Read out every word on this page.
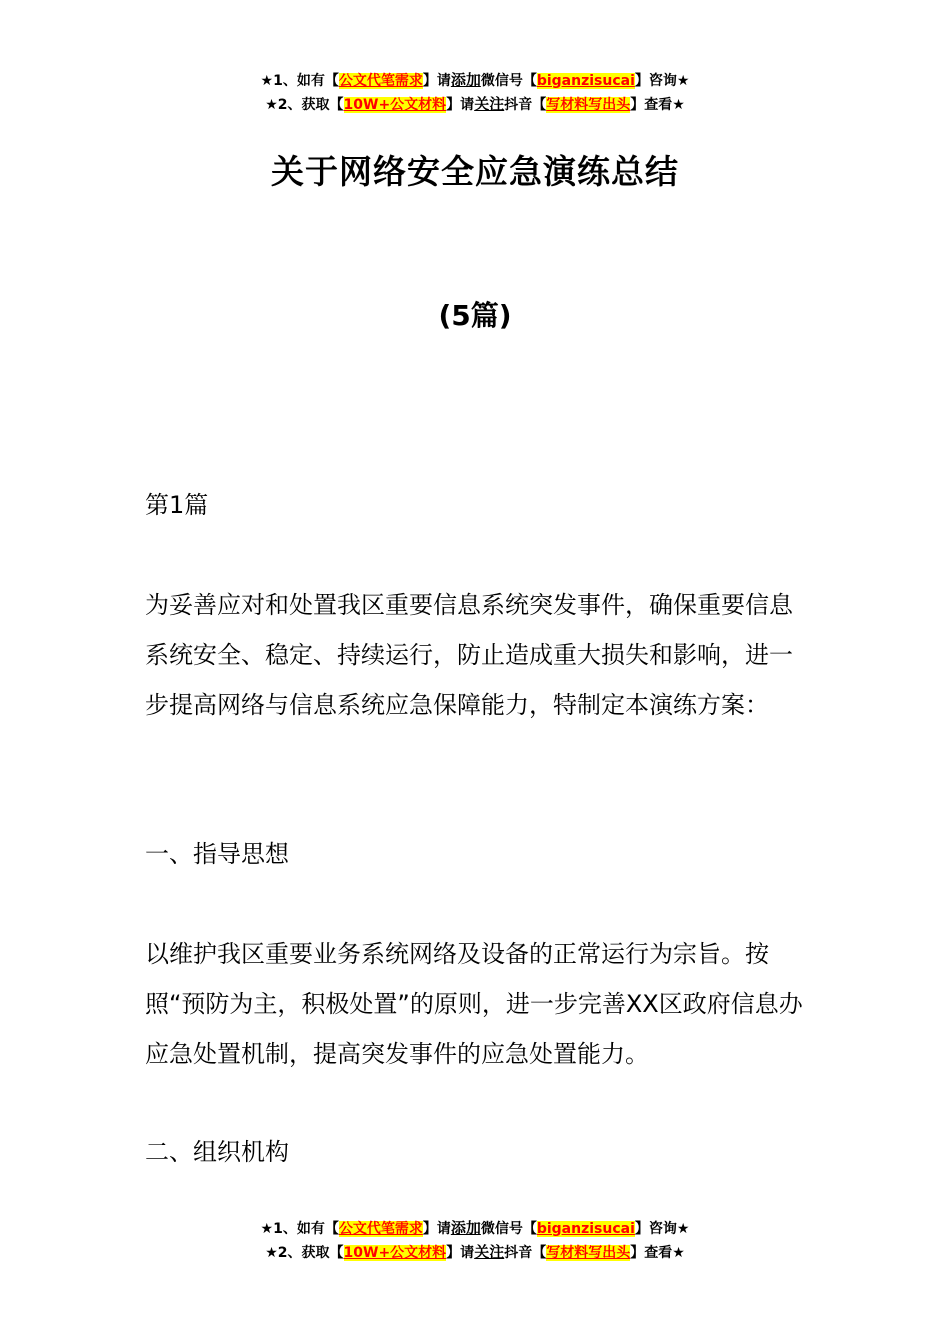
★1、如有【公文代笔需求】请添加微信号【biganzisucai】咨询★
★2、获取【10W+公文材料】请关注抖音【写材料写出头】查看★
关于网络安全应急演练总结
(5篇)

第1篇

为妥善应对和处置我区重要信息系统突发事件，确保重要信息系统安全、稳定、持续运行，防止造成重大损失和影响，进一步提高网络与信息系统应急保障能力，特制定本演练方案：

一、指导思想

以维护我区重要业务系统网络及设备的正常运行为宗旨。按照“预防为主，积极处置”的原则，进一步完善XX区政府信息办应急处置机制，提高突发事件的应急处置能力。

二、组织机构

★1、如有【公文代笔需求】请添加微信号【biganzisucai】咨询★
★2、获取【10W+公文材料】请关注抖音【写材料写出头】查看★
